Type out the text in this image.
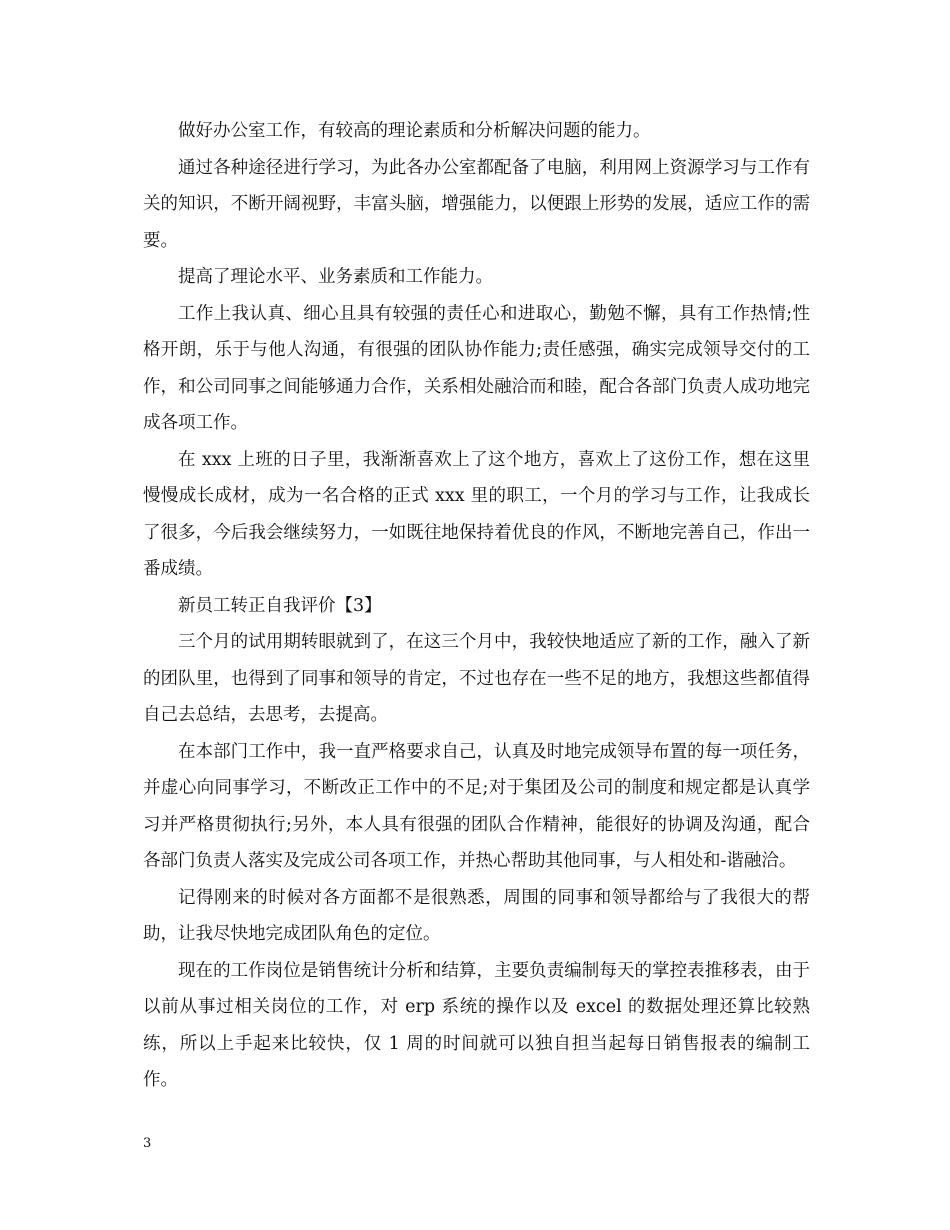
做好办公室工作，有较高的理论素质和分析解决问题的能力。

通过各种途径进行学习，为此各办公室都配备了电脑，利用网上资源学习与工作有关的知识，不断开阔视野，丰富头脑，增强能力，以便跟上形势的发展，适应工作的需要。

提高了理论水平、业务素质和工作能力。

工作上我认真、细心且具有较强的责任心和进取心，勤勉不懈，具有工作热情;性格开朗，乐于与他人沟通，有很强的团队协作能力;责任感强，确实完成领导交付的工作，和公司同事之间能够通力合作，关系相处融洽而和睦，配合各部门负责人成功地完成各项工作。

在 xxx 上班的日子里，我渐渐喜欢上了这个地方，喜欢上了这份工作，想在这里慢慢成长成材，成为一名合格的正式 xxx 里的职工，一个月的学习与工作，让我成长了很多，今后我会继续努力，一如既往地保持着优良的作风，不断地完善自己，作出一番成绩。

新员工转正自我评价【3】

三个月的试用期转眼就到了，在这三个月中，我较快地适应了新的工作，融入了新的团队里，也得到了同事和领导的肯定，不过也存在一些不足的地方，我想这些都值得自己去总结，去思考，去提高。

在本部门工作中，我一直严格要求自己，认真及时地完成领导布置的每一项任务，并虚心向同事学习，不断改正工作中的不足;对于集团及公司的制度和规定都是认真学习并严格贯彻执行;另外，本人具有很强的团队合作精神，能很好的协调及沟通，配合各部门负责人落实及完成公司各项工作，并热心帮助其他同事，与人相处和-谐融洽。

记得刚来的时候对各方面都不是很熟悉，周围的同事和领导都给与了我很大的帮助，让我尽快地完成团队角色的定位。

现在的工作岗位是销售统计分析和结算，主要负责编制每天的掌控表推移表，由于以前从事过相关岗位的工作，对 erp 系统的操作以及 excel 的数据处理还算比较熟练，所以上手起来比较快，仅 1 周的时间就可以独自担当起每日销售报表的编制工作。

3
